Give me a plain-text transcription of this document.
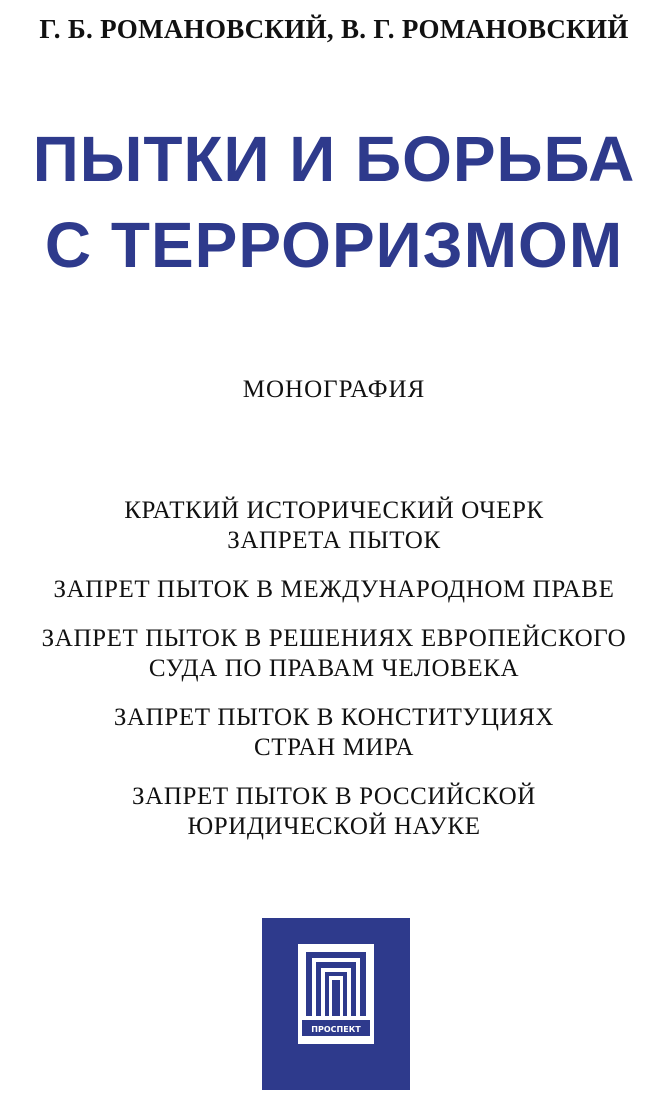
Г. Б. РОМАНОВСКИЙ, В. Г. РОМАНОВСКИЙ
ПЫТКИ И БОРЬБА
С ТЕРРОРИЗМОМ
МОНОГРАФИЯ
КРАТКИЙ ИСТОРИЧЕСКИЙ ОЧЕРК
ЗАПРЕТА ПЫТОК
ЗАПРЕТ ПЫТОК В МЕЖДУНАРОДНОМ ПРАВЕ
ЗАПРЕТ ПЫТОК В РЕШЕНИЯХ ЕВРОПЕЙСКОГО
СУДА ПО ПРАВАМ ЧЕЛОВЕКА
ЗАПРЕТ ПЫТОК В КОНСТИТУЦИЯХ
СТРАН МИРА
ЗАПРЕТ ПЫТОК В РОССИЙСКОЙ
ЮРИДИЧЕСКОЙ НАУКЕ
ПРОСПЕКТ
